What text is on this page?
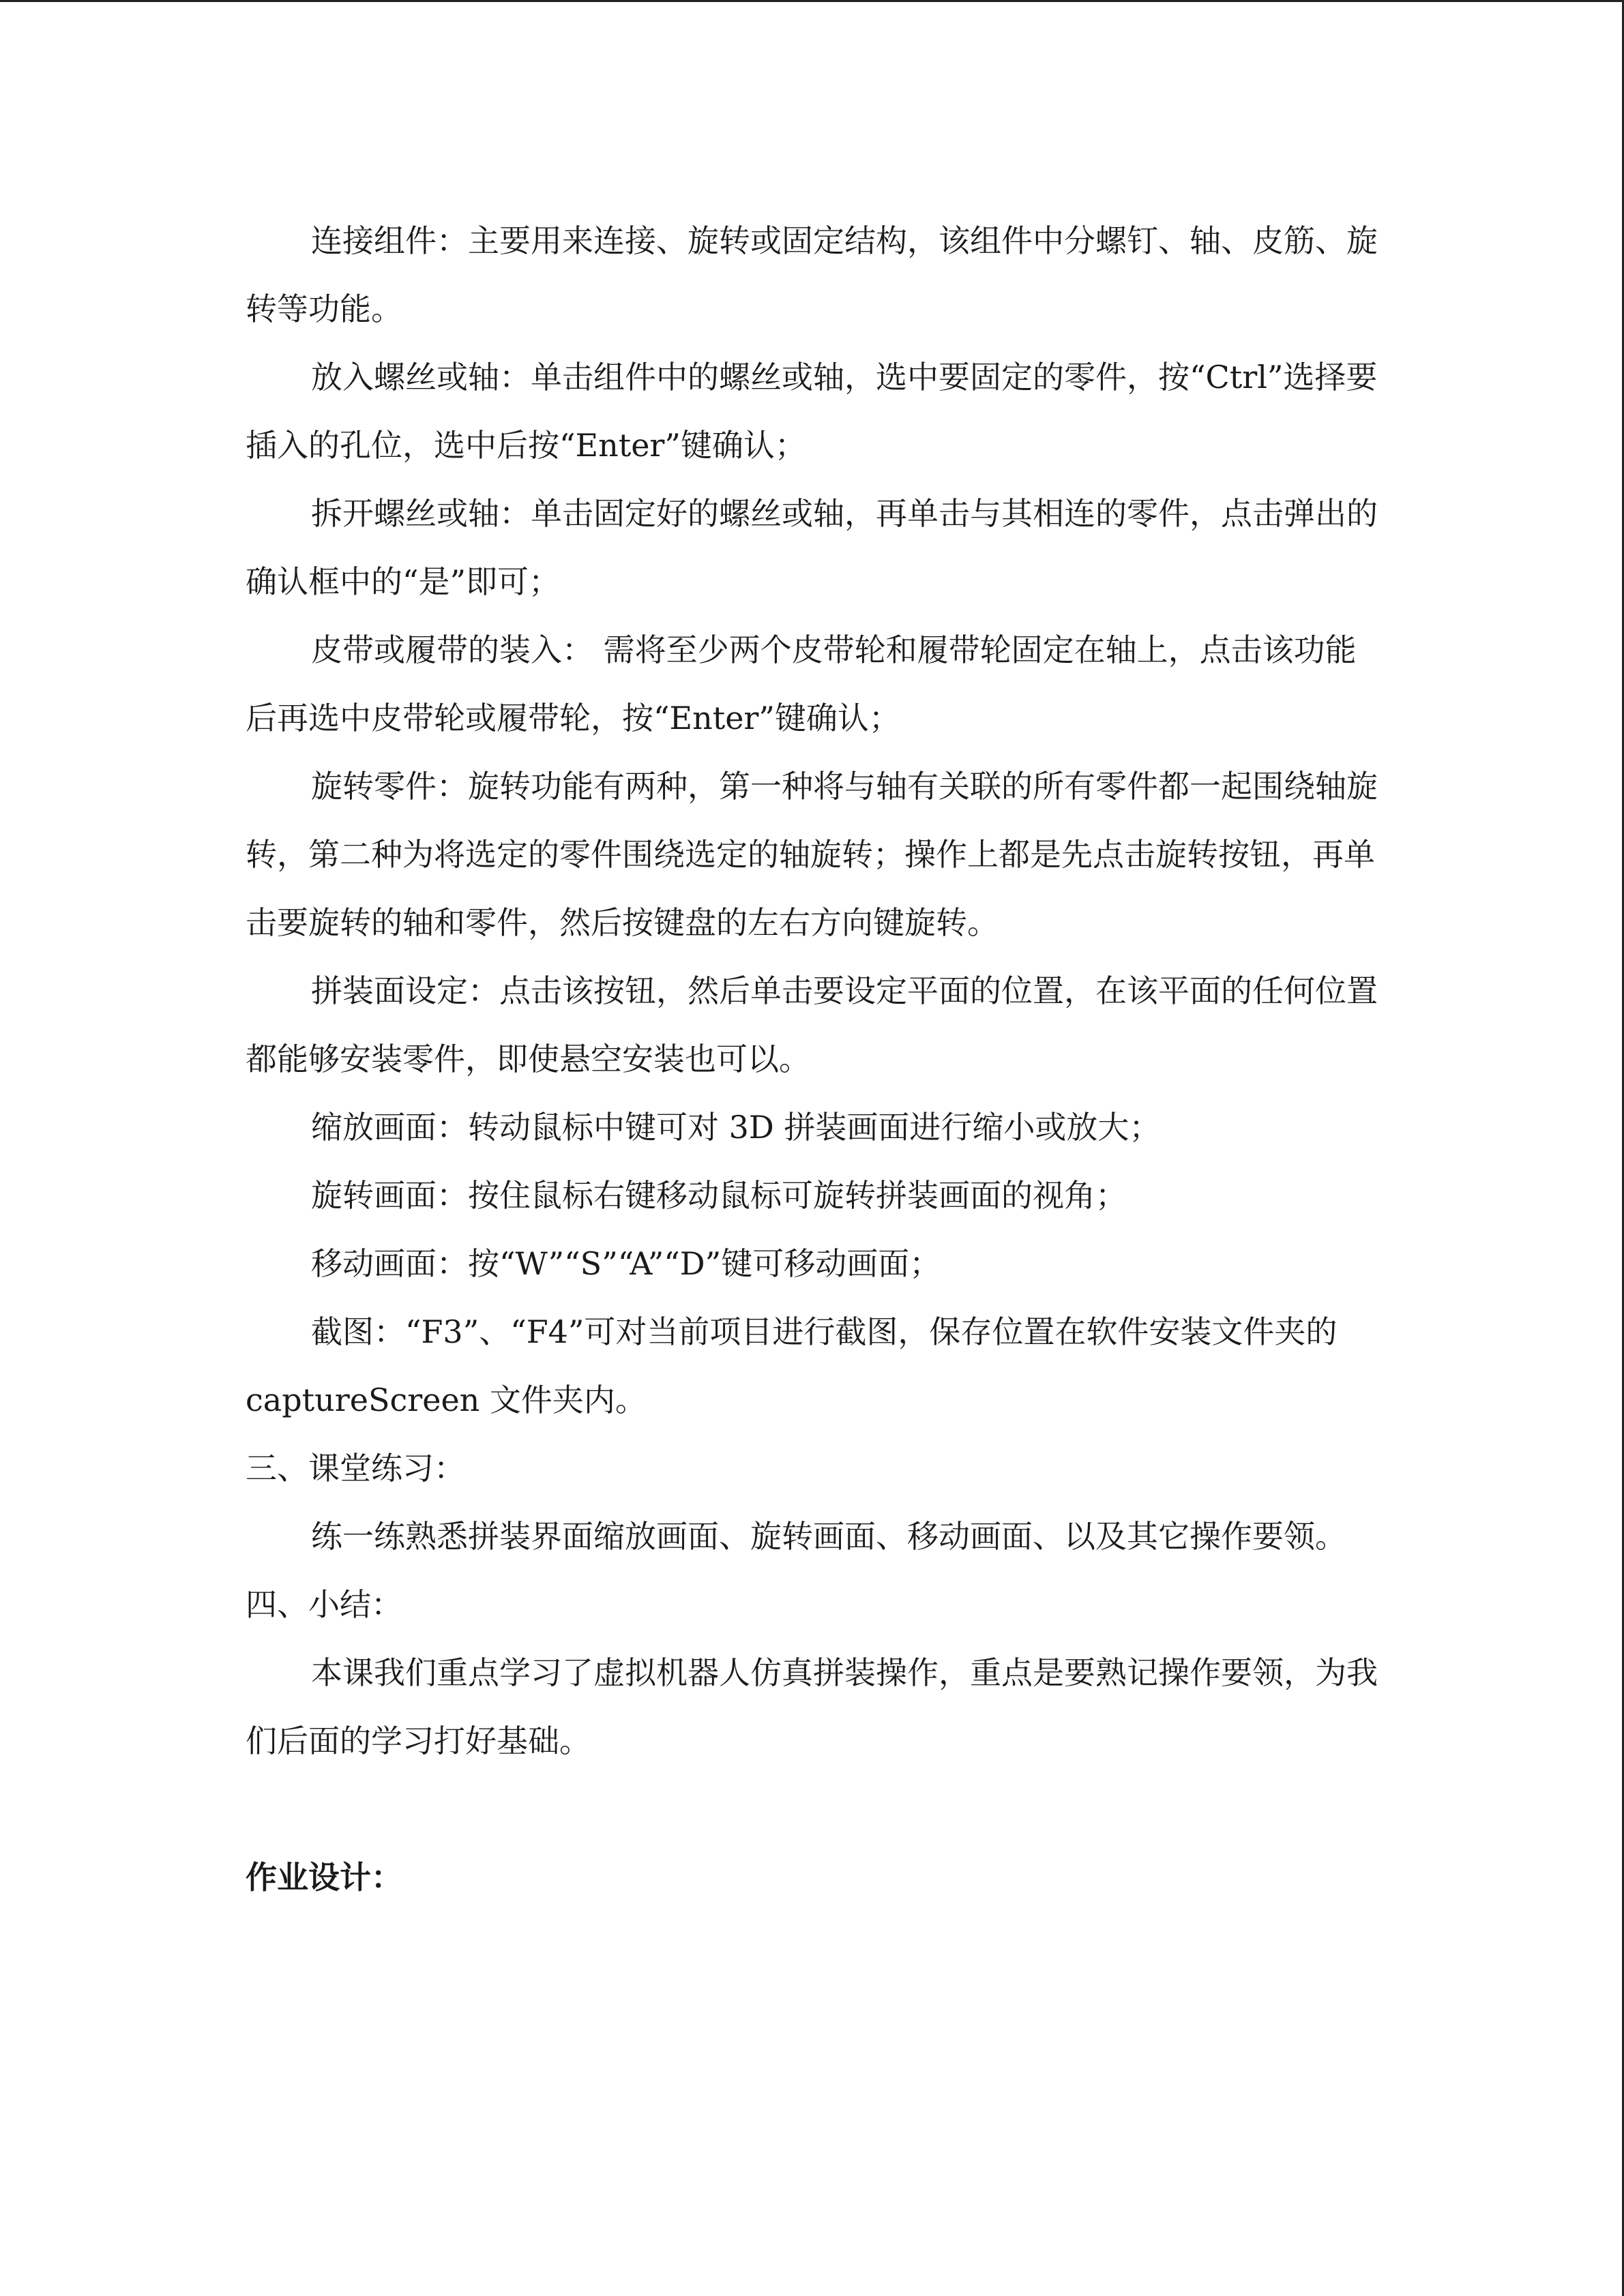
连接组件：主要用来连接、旋转或固定结构，该组件中分螺钉、轴、皮筋、旋转等功能。

放入螺丝或轴：单击组件中的螺丝或轴，选中要固定的零件，按“Ctrl”选择要插入的孔位，选中后按“Enter”键确认；

拆开螺丝或轴：单击固定好的螺丝或轴，再单击与其相连的零件，点击弹出的确认框中的“是”即可；

皮带或履带的装入： 需将至少两个皮带轮和履带轮固定在轴上，点击该功能后再选中皮带轮或履带轮，按“Enter”键确认；

旋转零件：旋转功能有两种，第一种将与轴有关联的所有零件都一起围绕轴旋转，第二种为将选定的零件围绕选定的轴旋转；操作上都是先点击旋转按钮，再单击要旋转的轴和零件，然后按键盘的左右方向键旋转。

拼装面设定：点击该按钮，然后单击要设定平面的位置，在该平面的任何位置都能够安装零件，即使悬空安装也可以。

缩放画面：转动鼠标中键可对 3D 拼装画面进行缩小或放大；

旋转画面：按住鼠标右键移动鼠标可旋转拼装画面的视角；

移动画面：按“W”“S”“A”“D”键可移动画面；

截图：“F3”、“F4”可对当前项目进行截图，保存位置在软件安装文件夹的 captureScreen 文件夹内。

三、课堂练习：

练一练熟悉拼装界面缩放画面、旋转画面、移动画面、以及其它操作要领。

四、小结：

本课我们重点学习了虚拟机器人仿真拼装操作，重点是要熟记操作要领，为我们后面的学习打好基础。

作业设计：
